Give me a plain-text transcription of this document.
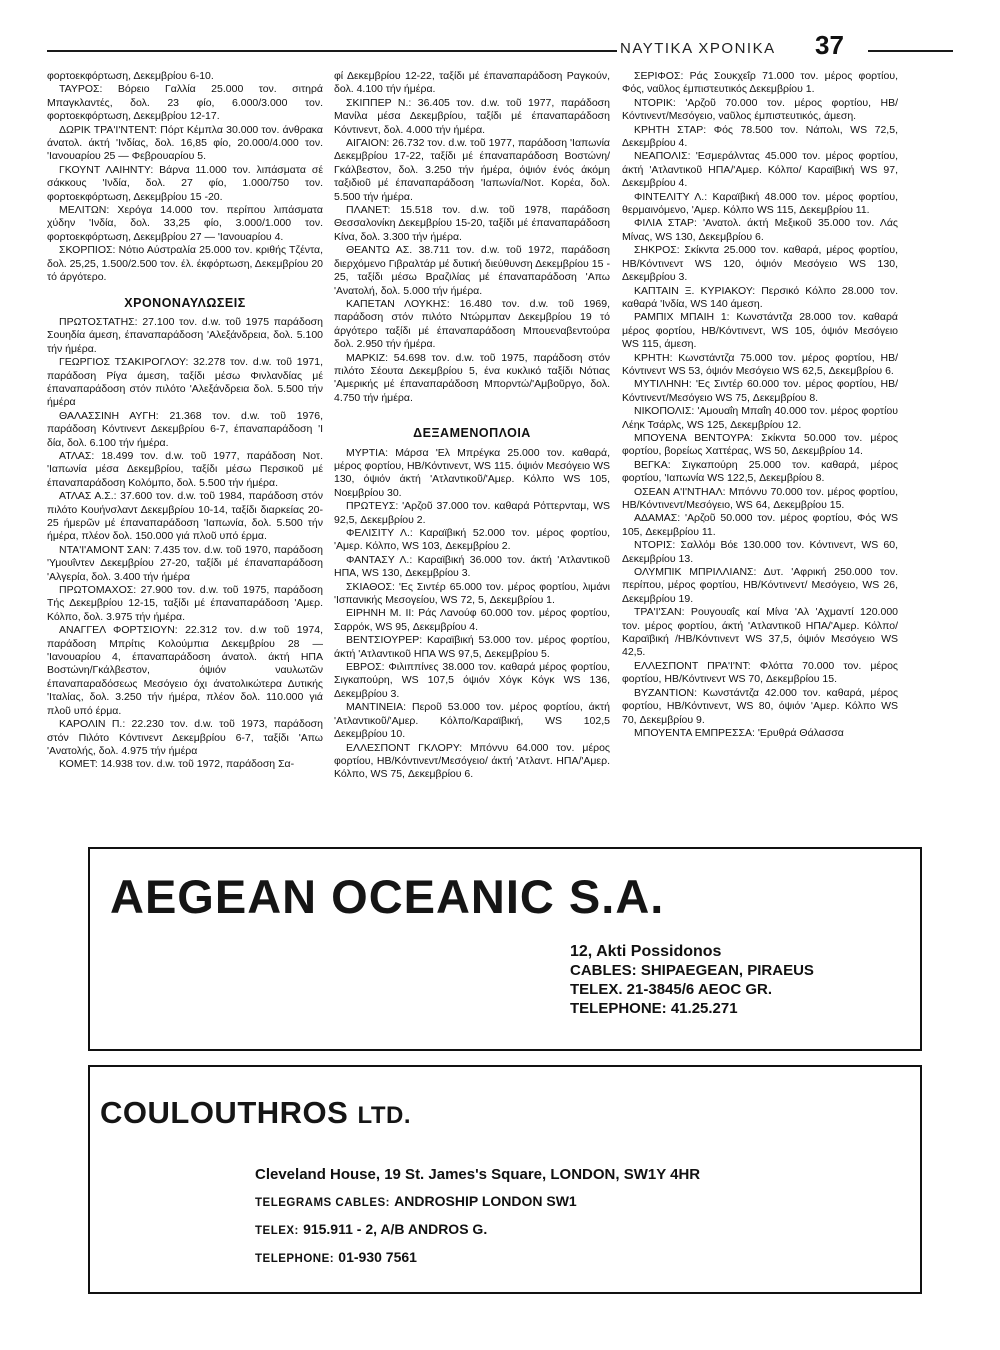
ΝΑΥΤΙΚΑ ΧΡΟΝΙΚΑ 37

φορτοεκφόρτωση, Δεκεμβρίου 6-10.

ΤΑΥΡΟΣ: Βόρειο Γαλλία 25.000 τον. σιτηρά Μπαγκλαντές, δολ. 23 φίο, 6.000/3.000 τον. φορτοεκφόρτωση, Δεκεμβρίου 12-17.

ΔΩΡΙΚ ΤΡΑ'Ι'ΝΤΕΝΤ: Πόρτ Κέμπλα 30.000 τον. άνθρακα άνατολ. άκτή 'Ινδίας, δολ. 16,85 φίο, 20.000/4.000 τον. 'Ιανουαρίου 25 — Φεβρουαρίου 5.

ΓΚΟΥΝΤ ΛΑΙΗΝΤΥ: Βάρνα 11.000 τον. λιπάσματα σέ σάκκους 'Ινδία, δολ. 27 φίο, 1.000/750 τον. φορτοεκφόρτωση, Δεκεμβρίου 15 -20.

ΜΕΛΙΤΩΝ: Χερόγα 14.000 τον. περίπου λιπάσματα χύδην 'Ινδία, δολ. 33,25 φίο, 3.000/1.000 τον. φορτοεκφόρτωση, Δεκεμβρίου 27 — 'Ιανουαρίου 4.

ΣΚΟΡΠΙΟΣ: Νότιο Αύστραλία 25.000 τον. κριθής Τζέντα, δολ. 25,25, 1.500/2.500 τον. έλ. έκφόρτωση, Δεκεμβρίου 20 τό άργότερο.

ΧΡΟΝΟΝΑΥΛΩΣΕΙΣ

ΠΡΩΤΟΣΤΑΤΗΣ: 27.100 τον. d.w. τοῦ 1975 παράδοση Σουηδία άμεση, έπαναπαράδοση 'Αλεξάνδρεια, δολ. 5.100 τήν ήμέρα.

ΓΕΩΡΓΙΟΣ ΤΣΑΚΙΡΟΓΛΟΥ: 32.278 τον. d.w. τοῦ 1971, παράδοση Ρίγα άμεση, ταξίδι μέσω Φινλανδίας μέ έπαναπαράδοση στόν πιλότο 'Αλεξάνδρεια δολ. 5.500 τήν ήμέρα

ΘΑΛΑΣΣΙΝΗ ΑΥΓΗ: 21.368 τον. d.w. τοῦ 1976, παράδοση Κόντινεντ Δεκεμβρίου 6-7, έπαναπαράδοση 'Ι δία, δολ. 6.100 τήν ήμέρα.

ΑΤΛΑΣ: 18.499 τον. d.w. τοῦ 1977, παράδοση Νοτ. 'Ιαπωνία μέσα Δεκεμβρίου, ταξίδι μέσω Περσικοῦ μέ έπαναπαράδοση Κολόμπο, δολ. 5.500 τήν ήμέρα.

ΑΤΛΑΣ Α.Σ.: 37.600 τον. d.w. τοῦ 1984, παράδοση στόν πιλότο Κουήνσλαντ Δεκεμβρίου 10-14, ταξίδι διαρκείας 20-25 ήμερῶν μέ έπαναπαράδοση 'Ιαπωνία, δολ. 5.500 τήν ήμέρα, πλέον δολ. 150.000 γιά πλοῦ υπό έρμα.

ΝΤΑ'Ι'ΑΜΟΝΤ ΣΑΝ: 7.435 τον. d.w. τοῦ 1970, παράδοση 'Υμουΐντεν Δεκεμβρίου 27-20, ταξίδι μέ έπαναπαράδοση 'Αλγερία, δολ. 3.400 τήν ήμέρα

ΠΡΩΤΟΜΑΧΟΣ: 27.900 τον. d.w. τοῦ 1975, παράδοση Τής Δεκεμβρίου 12-15, ταξίδι μέ έπαναπαράδοση 'Αμερ. Κόλπο, δολ. 3.975 τήν ήμέρα.

ΑΝΑΓΓΕΛ ΦΟΡΤΣΙΟΥΝ: 22.312 τον. d.w τοῦ 1974, παράδοση Μπρίτις Κολούμπια Δεκεμβρίου 28 — 'Ιανουαρίου 4, έπαναπαράδοση άνατολ. άκτή ΗΠΑ Βοστώνη/Γκάλβεστον, όψιόν ναυλωτῶν έπαναπαραδόσεως Μεσόγειο όχι άνατολικώτερα Δυτικής 'Ιταλίας, δολ. 3.250 τήν ήμέρα, πλέον δολ. 110.000 γιά πλοῦ υπό έρμα.

ΚΑΡΟΛΙΝ Π.: 22.230 τον. d.w. τοῦ 1973, παράδοση στόν Πιλότο Κόντινεντ Δεκεμβρίου 6-7, ταξίδι 'Απω 'Ανατολής, δολ. 4.975 τήν ήμέρα

ΚΟΜΕΤ: 14.938 τον. d.w. τοῦ 1972, παράδοση Σα-

φί Δεκεμβρίου 12-22, ταξίδι μέ έπαναπαράδοση Ραγκούν, δολ. 4.100 τήν ήμέρα.

ΣΚΙΠΠΕΡ Ν.: 36.405 τον. d.w. τοῦ 1977, παράδοση Μανίλα μέσα Δεκεμβρίου, ταξίδι μέ έπαναπαράδοση Κόντινεντ, δολ. 4.000 τήν ήμέρα.

ΑΙΓΑΙΟΝ: 26.732 τον. d.w. τοῦ 1977, παράδοση 'Ιαπωνία Δεκεμβρίου 17-22, ταξίδι μέ έπαναπαράδοση Βοστώνη/Γκάλβεστον, δολ. 3.250 τήν ήμέρα, όψιόν ένός άκόμη ταξιδιοῦ μέ έπαναπαράδοση 'Ιαπωνία/Νοτ. Κορέα, δολ. 5.500 τήν ήμέρα.

ΠΛΑΝΕΤ: 15.518 τον. d.w. τοῦ 1978, παράδοση Θεσσαλονίκη Δεκεμβρίου 15-20, ταξίδι μέ έπαναπαράδοση Κίνα, δολ. 3.300 τήν ήμέρα.

ΘΕΑΝΤΩ ΑΣ. 38.711 τον. d.w. τοῦ 1972, παράδοση διερχόμενο Γιβραλτάρ μέ δυτική διεύθυνση Δεκεμβρίου 15 - 25, ταξίδι μέσω Βραζιλίας μέ έπαναπαράδοση 'Απω 'Ανατολή, δολ. 5.000 τήν ήμέρα.

ΚΑΠΕΤΑΝ ΛΟΥΚΗΣ: 16.480 τον. d.w. τοῦ 1969, παράδοση στόν πιλότο Ντώρμπαν Δεκεμβρίου 19 τό άργότερο ταξίδι μέ έπαναπαράδοση Μπουεναβεντούρα δολ. 2.950 τήν ήμέρα.

ΜΑΡΚΙΖ: 54.698 τον. d.w. τοῦ 1975, παράδοση στόν πιλότο Σέουτα Δεκεμβρίου 5, ένα κυκλικό ταξίδι Νότιας 'Αμερικής μέ έπαναπαράδοση Μπορντώ/'Αμβοῦργο, δολ. 4.750 τήν ήμέρα.

ΔΕΞΑΜΕΝΟΠΛΟΙΑ

ΜΥΡΤΙΑ: Μάρσα 'Ελ Μπρέγκα 25.000 τον. καθαρά, μέρος φορτίου, ΗΒ/Κόντινεντ, WS 115. όψιόν Μεσόγειο WS 130, όψιόν άκτή 'Ατλαντικοῦ/'Αμερ. Κόλπο WS 105, Νοεμβρίου 30.

ΠΡΩΤΕΥΣ: 'Αρζοῦ 37.000 τον. καθαρά Ρόττερνταμ, WS 92,5, Δεκεμβρίου 2.

ΦΕΛΙΣΙΤΥ Λ.: Καραϊβική 52.000 τον. μέρος φορτίου, 'Αμερ. Κόλπο, WS 103, Δεκεμβρίου 2.

ΦΑΝΤΑΣΥ Λ.: Καραϊβική 36.000 τον. άκτή 'Ατλαντικοῦ ΗΠΑ, WS 130, Δεκεμβρίου 3.

ΣΚΙΑΘΟΣ: 'Ες Σιντέρ 65.000 τον. μέρος φορτίου, λιμάνι 'Ισπανικής Μεσογείου, WS 72, 5, Δεκεμβρίου 1.

ΕΙΡΗΝΗ Μ. ΙΙ: Ράς Λανούφ 60.000 τον. μέρος φορτίου, Σαρρόκ, WS 95, Δεκεμβρίου 4.

ΒΕΝΤΣΙΟΥΡΕΡ: Καραϊβική 53.000 τον. μέρος φορτίου, άκτή 'Ατλαντικοῦ ΗΠΑ WS 97,5, Δεκεμβρίου 5.

ΕΒΡΟΣ: Φιλιππίνες 38.000 τον. καθαρά μέρος φορτίου, Σιγκαπούρη, WS 107,5 όψιόν Χόγκ Κόγκ WS 136, Δεκεμβρίου 3.

ΜΑΝΤΙΝΕΙΑ: Περοῦ 53.000 τον. μέρος φορτίου, άκτή 'Ατλαντικοῦ/'Αμερ. Κόλπο/Καραϊβική, WS 102,5 Δεκεμβρίου 10.

ΕΛΛΕΣΠΟΝΤ ΓΚΛΟΡΥ: Μπόννυ 64.000 τον. μέρος φορτίου, ΗΒ/Κόντινεντ/Μεσόγειο/ άκτή 'Ατλαντ. ΗΠΑ/'Αμερ. Κόλπο, WS 75, Δεκεμβρίου 6.

ΣΕΡΙΦΟΣ: Ράς Σουκχεΐρ 71.000 τον. μέρος φορτίου, Φός, ναῦλος έμπιστευτικός Δεκεμβρίου 1.

ΝΤΟΡΙΚ: 'Αρζοῦ 70.000 τον. μέρος φορτίου, ΗΒ/Κόντινεντ/Μεσόγειο, ναῦλος έμπιστευτικός, άμεση.

ΚΡΗΤΗ ΣΤΑΡ: Φός 78.500 τον. Νάπολι, WS 72,5, Δεκεμβρίου 4.

ΝΕΑΠΟΛΙΣ: 'Εσμεράλντας 45.000 τον. μέρος φορτίου, άκτή 'Ατλαντικοῦ ΗΠΑ/'Αμερ. Κόλπο/ Καραϊβική WS 97, Δεκεμβρίου 4.

ΦΙΝΤΕΛΙΤΥ Λ.: Καραϊβική 48.000 τον. μέρος φορτίου, θερμαινόμενο, 'Αμερ. Κόλπο WS 115, Δεκεμβρίου 11.

ΦΙΛΙΑ ΣΤΑΡ: 'Ανατολ. άκτή Μεξικοῦ 35.000 τον. Λάς Μίνας, WS 130, Δεκεμβρίου 6.

ΣΗΚΡΟΣ: Σκίκντα 25.000 τον. καθαρά, μέρος φορτίου, ΗΒ/Κόντινεντ WS 120, όψιόν Μεσόγειο WS 130, Δεκεμβρίου 3.

ΚΑΠΤΑΙΝ Ξ. ΚΥΡΙΑΚΟΥ: Περσικό Κόλπο 28.000 τον. καθαρά 'Ινδία, WS 140 άμεση.

ΡΑΜΠΙΧ ΜΠΑΙΗ 1: Κωνστάντζα 28.000 τον. καθαρά μέρος φορτίου, ΗΒ/Κόντινεντ, WS 105, όψιόν Μεσόγειο WS 115, άμεση.

ΚΡΗΤΗ: Κωνστάντζα 75.000 τον. μέρος φορτίου, ΗΒ/Κόντινεντ WS 53, όψιόν Μεσόγειο WS 62,5, Δεκεμβρίου 6.

ΜΥΤΙΛΗΝΗ: 'Ες Σιντέρ 60.000 τον. μέρος φορτίου, ΗΒ/Κόντινεντ/Μεσόγειο WS 75, Δεκεμβρίου 8.

ΝΙΚΟΠΟΛΙΣ: 'Αμουαΐη Μπαΐη 40.000 τον. μέρος φορτίου Λέηκ Τσάρλς, WS 125, Δεκεμβρίου 12.

ΜΠΟΥΕΝΑ ΒΕΝΤΟΥΡΑ: Σκίκντα 50.000 τον. μέρος φορτίου, βορείως Χαττέρας, WS 50, Δεκεμβρίου 14.

ΒΕΓΚΑ: Σιγκαπούρη 25.000 τον. καθαρά, μέρος φορτίου, 'Ιαπωνία WS 122,5, Δεκεμβρίου 8.

ΟΣΕΑΝ Α'Ι'ΝΤΗΑΛ: Μπόννυ 70.000 τον. μέρος φορτίου, ΗΒ/Κόντινεντ/Μεσόγειο, WS 64, Δεκεμβρίου 15.

ΑΔΑΜΑΣ: 'Αρζοῦ 50.000 τον. μέρος φορτίου, Φός WS 105, Δεκεμβρίου 11.

ΝΤΟΡΙΣ: Σαλλόμ Βόε 130.000 τον. Κόντινεντ, WS 60, Δεκεμβρίου 13.

ΟΛΥΜΠΙΚ ΜΠΡΙΛΛΙΑΝΣ: Δυτ. 'Αφρική 250.000 τον. περίπου, μέρος φορτίου, ΗΒ/Κόντινεντ/ Μεσόγειο, WS 26, Δεκεμβρίου 19.

ΤΡΑ'Ι'ΣΑΝ: Ρουγουαΐς καί Μίνα 'Αλ 'Αχμαντί 120.000 τον. μέρος φορτίου, άκτή 'Ατλαντικοῦ ΗΠΑ/'Αμερ. Κόλπο/ Καραϊβική /ΗΒ/Κόντινεντ WS 37,5, όψιόν Μεσόγειο WS 42,5.

ΕΛΛΕΣΠΟΝΤ ΠΡΑ'Ι'ΝΤ: Φλόττα 70.000 τον. μέρος φορτίου, ΗΒ/Κόντινεντ WS 70, Δεκεμβρίου 15.

ΒΥΖΑΝΤΙΟΝ: Κωνστάντζα 42.000 τον. καθαρά, μέρος φορτίου, ΗΒ/Κόντινεντ, WS 80, όψιόν 'Αμερ. Κόλπο WS 70, Δεκεμβρίου 9.

ΜΠΟΥΕΝΤΑ ΕΜΠΡΕΣΣΑ: 'Ερυθρά Θάλασσα

AEGEAN OCEANIC S.A.
12, Akti Possidonos
CABLES: SHIPAEGEAN, PIRAEUS
TELEX. 21-3845/6 AEOC GR.
TELEPHONE: 41.25.271
COULOUTHROS LTD.
Cleveland House, 19 St. James's Square, LONDON, SW1Y 4HR
TELEGRAMS CABLES: ANDROSHIP LONDON SW1
TELEX: 915.911 - 2, A/B ANDROS G.
TELEPHONE: 01-930 7561
